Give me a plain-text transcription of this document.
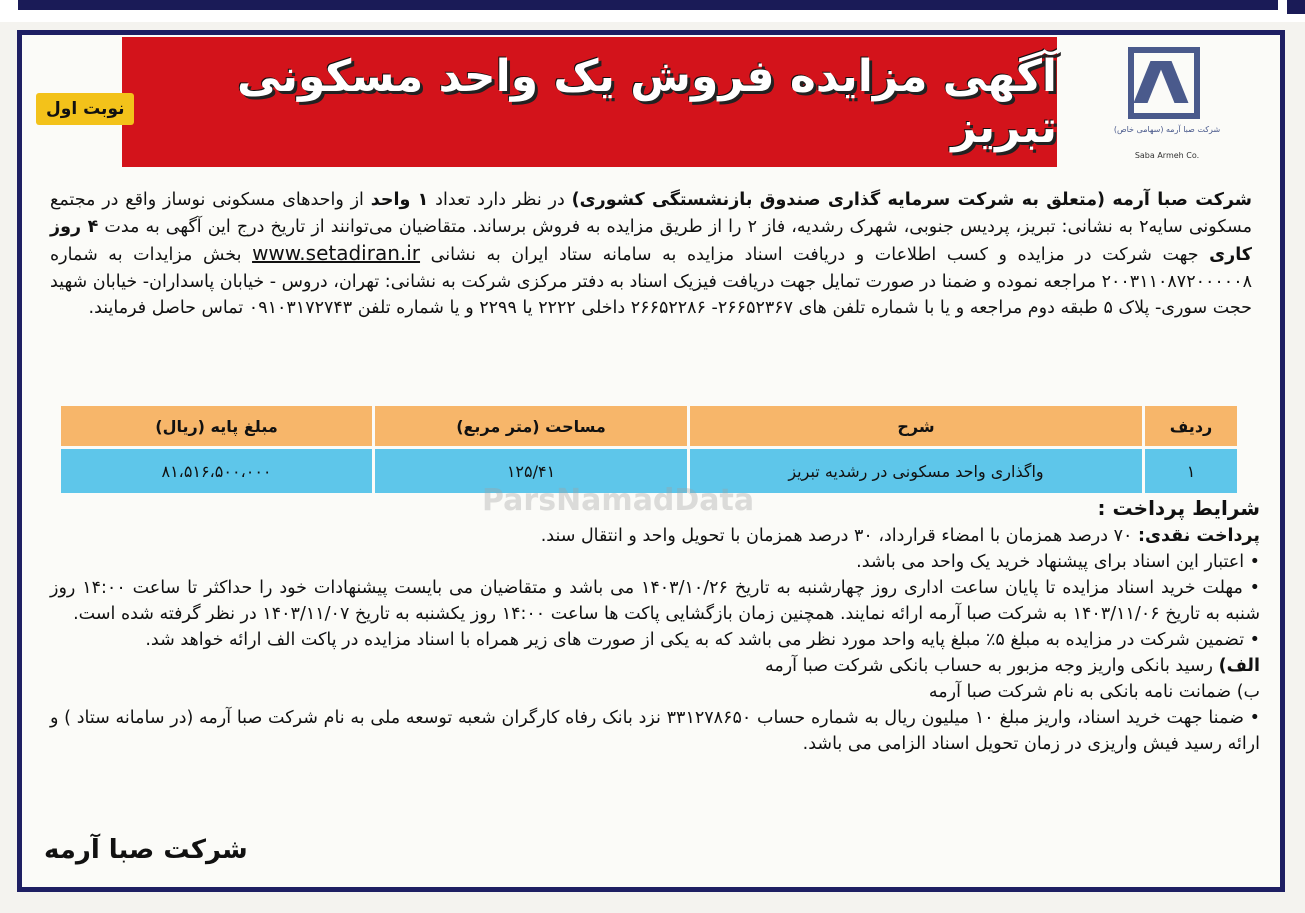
آگهی مزایده فروش یک واحد مسکونی تبریز
نوبت اول
شرکت صبا آرمه (سهامی خاص)
Saba Armeh Co.
شرکت صبا آرمه (متعلق به شرکت سرمایه گذاری صندوق بازنشستگی کشوری) در نظر دارد تعداد ۱ واحد از واحدهای مسکونی نوساز واقع در مجتمع مسکونی سایه۲ به نشانی: تبریز، پردیس جنوبی، شهرک رشدیه، فاز ۲ را از طریق مزایده به فروش برساند. متقاضیان می‌توانند از تاریخ درج این آگهی به مدت ۴ روز کاری جهت شرکت در مزایده و کسب اطلاعات و دریافت اسناد مزایده به سامانه ستاد ایران به نشانی www.setadiran.ir بخش مزایدات به شماره ۲۰۰۳۱۱۰۸۷۲۰۰۰۰۰۸ مراجعه نموده و ضمنا در صورت تمایل جهت دریافت فیزیک اسناد به دفتر مرکزی شرکت به نشانی: تهران، دروس - خیابان پاسداران- خیابان شهید حجت سوری- پلاک ۵ طبقه دوم مراجعه و یا با شماره تلفن های ۲۶۶۵۲۳۶۷- ۲۶۶۵۲۲۸۶ داخلی ۲۲۲۲ یا ۲۲۹۹ و یا شماره تلفن ۰۹۱۰۳۱۷۲۷۴۳ تماس حاصل فرمایند.
ردیف	شرح	مساحت (متر مربع)	مبلغ پایه (ریال)
۱	واگذاری واحد مسکونی در رشدیه تبریز	۱۲۵/۴۱	۸۱،۵۱۶،۵۰۰،۰۰۰

شرایط پرداخت :

پرداخت نقدی: ۷۰ درصد همزمان با امضاء قرارداد، ۳۰ درصد همزمان با تحویل واحد و انتقال سند.

• اعتبار این اسناد برای پیشنهاد خرید یک واحد می باشد.

• مهلت خرید اسناد مزایده تا پایان ساعت اداری روز چهارشنبه به تاریخ ۱۴۰۳/۱۰/۲۶ می باشد و متقاضیان می بایست پیشنهادات خود را حداکثر تا ساعت ۱۴:۰۰ روز شنبه به تاریخ ۱۴۰۳/۱۱/۰۶ به شرکت صبا آرمه ارائه نمایند. همچنین زمان بازگشایی پاکت ها ساعت ۱۴:۰۰ روز یکشنبه به تاریخ ۱۴۰۳/۱۱/۰۷ در نظر گرفته شده است.

• تضمین شرکت در مزایده به مبلغ ۵٪ مبلغ پایه واحد مورد نظر می باشد که به یکی از صورت های زیر همراه با اسناد مزایده در پاکت الف ارائه خواهد شد.

الف) رسید بانکی واریز وجه مزبور به حساب بانکی شرکت صبا آرمه

ب) ضمانت نامه بانکی به نام شرکت صبا آرمه

• ضمنا جهت خرید اسناد، واریز مبلغ ۱۰ میلیون ریال به شماره حساب ۳۳۱۲۷۸۶۵۰ نزد بانک رفاه کارگران شعبه توسعه ملی به نام شرکت صبا آرمه (در سامانه ستاد ) و ارائه رسید فیش واریزی در زمان تحویل اسناد الزامی می باشد.

شرکت صبا آرمه
ParsNamadData
